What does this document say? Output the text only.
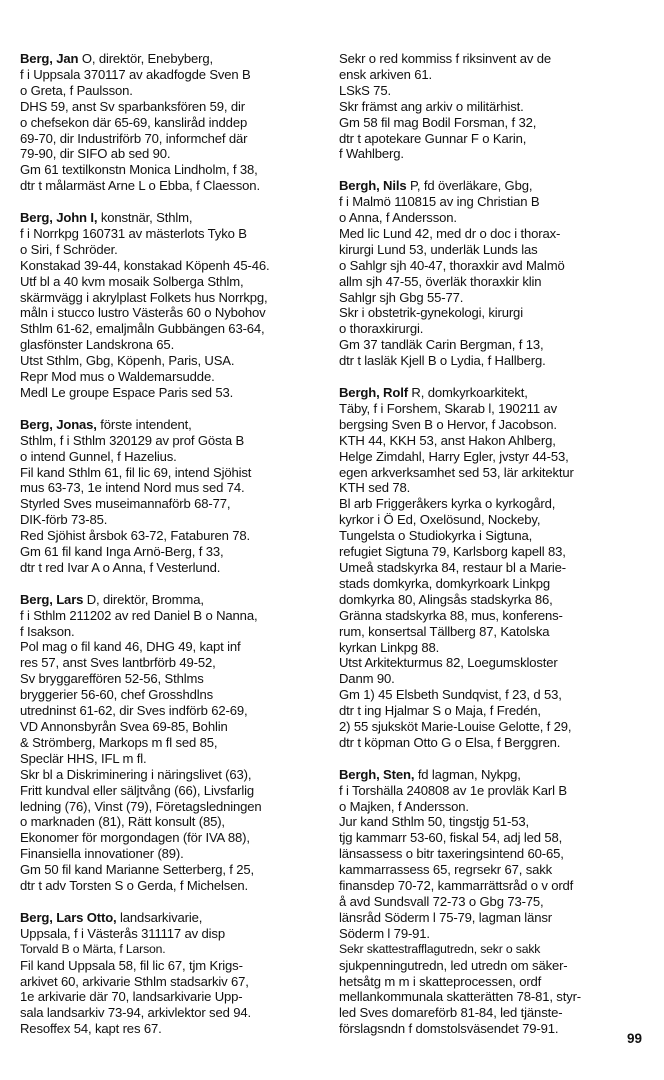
Berg, Jan O, direktör, Enebyberg,
f i Uppsala 370117 av akadfogde Sven B
o Greta, f Paulsson.
DHS 59, anst Sv sparbanksfören 59, dir
o chefsekon där 65-69, kansliråd inddep
69-70, dir Industriförb 70, informchef där
79-90, dir SIFO ab sed 90.
Gm 61 textilkonstn Monica Lindholm, f 38,
dtr t målarmäst Arne L o Ebba, f Claesson.
Berg, John I, konstnär, Sthlm,
f i Norrkpg 160731 av mästerlots Tyko B
o Siri, f Schröder.
Konstakad 39-44, konstakad Köpenh 45-46.
Utf bl a 40 kvm mosaik Solberga Sthlm,
skärmvägg i akrylplast Folkets hus Norrkpg,
måln i stucco lustro Västerås 60 o Nybohov
Sthlm 61-62, emaljmåln Gubbängen 63-64,
glasfönster Landskrona 65.
Utst Sthlm, Gbg, Köpenh, Paris, USA.
Repr Mod mus o Waldemarsudde.
Medl Le groupe Espace Paris sed 53.
Berg, Jonas, förste intendent,
Sthlm, f i Sthlm 320129 av prof Gösta B
o intend Gunnel, f Hazelius.
Fil kand Sthlm 61, fil lic 69, intend Sjöhist
mus 63-73, 1e intend Nord mus sed 74.
Styrled Sves museimannaförb 68-77,
DIK-förb 73-85.
Red Sjöhist årsbok 63-72, Fataburen 78.
Gm 61 fil kand Inga Arnö-Berg, f 33,
dtr t red Ivar A o Anna, f Vesterlund.
Berg, Lars D, direktör, Bromma,
f i Sthlm 211202 av red Daniel B o Nanna,
f Isakson.
Pol mag o fil kand 46, DHG 49, kapt inf
res 57, anst Sves lantbrförb 49-52,
Sv bryggareffören 52-56, Sthlms
bryggerier 56-60, chef Grosshdlns
utredninst 61-62, dir Sves indförb 62-69,
VD Annonsbyrån Svea 69-85, Bohlin
& Strömberg, Markops m fl sed 85,
Speclär HHS, IFL m fl.
Skr bl a Diskriminering i näringslivet (63),
Fritt kundval eller säljtvång (66), Livsfarlig
ledning (76), Vinst (79), Företagsledningen
o marknaden (81), Rätt konsult (85),
Ekonomer för morgondagen (för IVA 88),
Finansiella innovationer (89).
Gm 50 fil kand Marianne Setterberg, f 25,
dtr t adv Torsten S o Gerda, f Michelsen.
Berg, Lars Otto, landsarkivarie,
Uppsala, f i Västerås 311117 av disp
Torvald B o Märta, f Larson.
Fil kand Uppsala 58, fil lic 67, tjm Krigs-
arkivet 60, arkivarie Sthlm stadsarkiv 67,
1e arkivarie där 70, landsarkivarie Upp-
sala landsarkiv 73-94, arkivlektor sed 94.
Resoffex 54, kapt res 67.
Sekr o red kommiss f riksinvent av de
ensk arkiven 61.
LSkS 75.
Skr främst ang arkiv o militärhist.
Gm 58 fil mag Bodil Forsman, f 32,
dtr t apotekare Gunnar F o Karin,
f Wahlberg.
Bergh, Nils P, fd överläkare, Gbg,
f i Malmö 110815 av ing Christian B
o Anna, f Andersson.
Med lic Lund 42, med dr o doc i thorax-
kirurgi Lund 53, underläk Lunds las
o Sahlgr sjh 40-47, thoraxkir avd Malmö
allm sjh 47-55, överläk thoraxkir klin
Sahlgr sjh Gbg 55-77.
Skr i obstetrik-gynekologi, kirurgi
o thoraxkirurgi.
Gm 37 tandläk Carin Bergman, f 13,
dtr t lasläk Kjell B o Lydia, f Hallberg.
Bergh, Rolf R, domkyrkoarkitekt,
Täby, f i Forshem, Skarab l, 190211 av
bergsing Sven B o Hervor, f Jacobson.
KTH 44, KKH 53, anst Hakon Ahlberg,
Helge Zimdahl, Harry Egler, jvstyr 44-53,
egen arkverksamhet sed 53, lär arkitektur
KTH sed 78.
Bl arb Friggeråkers kyrka o kyrkogård,
kyrkor i Ö Ed, Oxelösund, Nockeby,
Tungelsta o Studiokyrka i Sigtuna,
refugiet Sigtuna 79, Karlsborg kapell 83,
Umeå stadskyrka 84, restaur bl a Marie-
stads domkyrka, domkyrkoark Linkpg
domkyrka 80, Alingsås stadskyrka 86,
Gränna stadskyrka 88, mus, konferens-
rum, konsertsal Tällberg 87, Katolska
kyrkan Linkpg 88.
Utst Arkitekturmus 82, Loegumskloster
Danm 90.
Gm 1) 45 Elsbeth Sundqvist, f 23, d 53,
dtr t ing Hjalmar S o Maja, f Fredén,
2) 55 sjuksköt Marie-Louise Gelotte, f 29,
dtr t köpman Otto G o Elsa, f Berggren.
Bergh, Sten, fd lagman, Nykpg,
f i Torshälla 240808 av 1e provläk Karl B
o Majken, f Andersson.
Jur kand Sthlm 50, tingstjg 51-53,
tjg kammarr 53-60, fiskal 54, adj led 58,
länsassess o bitr taxeringsintend 60-65,
kammarrassess 65, regrsekr 67, sakk
finansdep 70-72, kammarrättsråd o v ordf
å avd Sundsvall 72-73 o Gbg 73-75,
länsråd Söderm l 75-79, lagman länsr
Söderm l 79-91.
Sekr skattestrafflagutredn, sekr o sakk
sjukpenningutredn, led utredn om säker-
hetsåtg m m i skatteprocessen, ordf
mellankommunala skatterätten 78-81, styr-
led Sves domareförb 81-84, led tjänste-
förslagsndn f domstolsväsendet 79-91.
99
